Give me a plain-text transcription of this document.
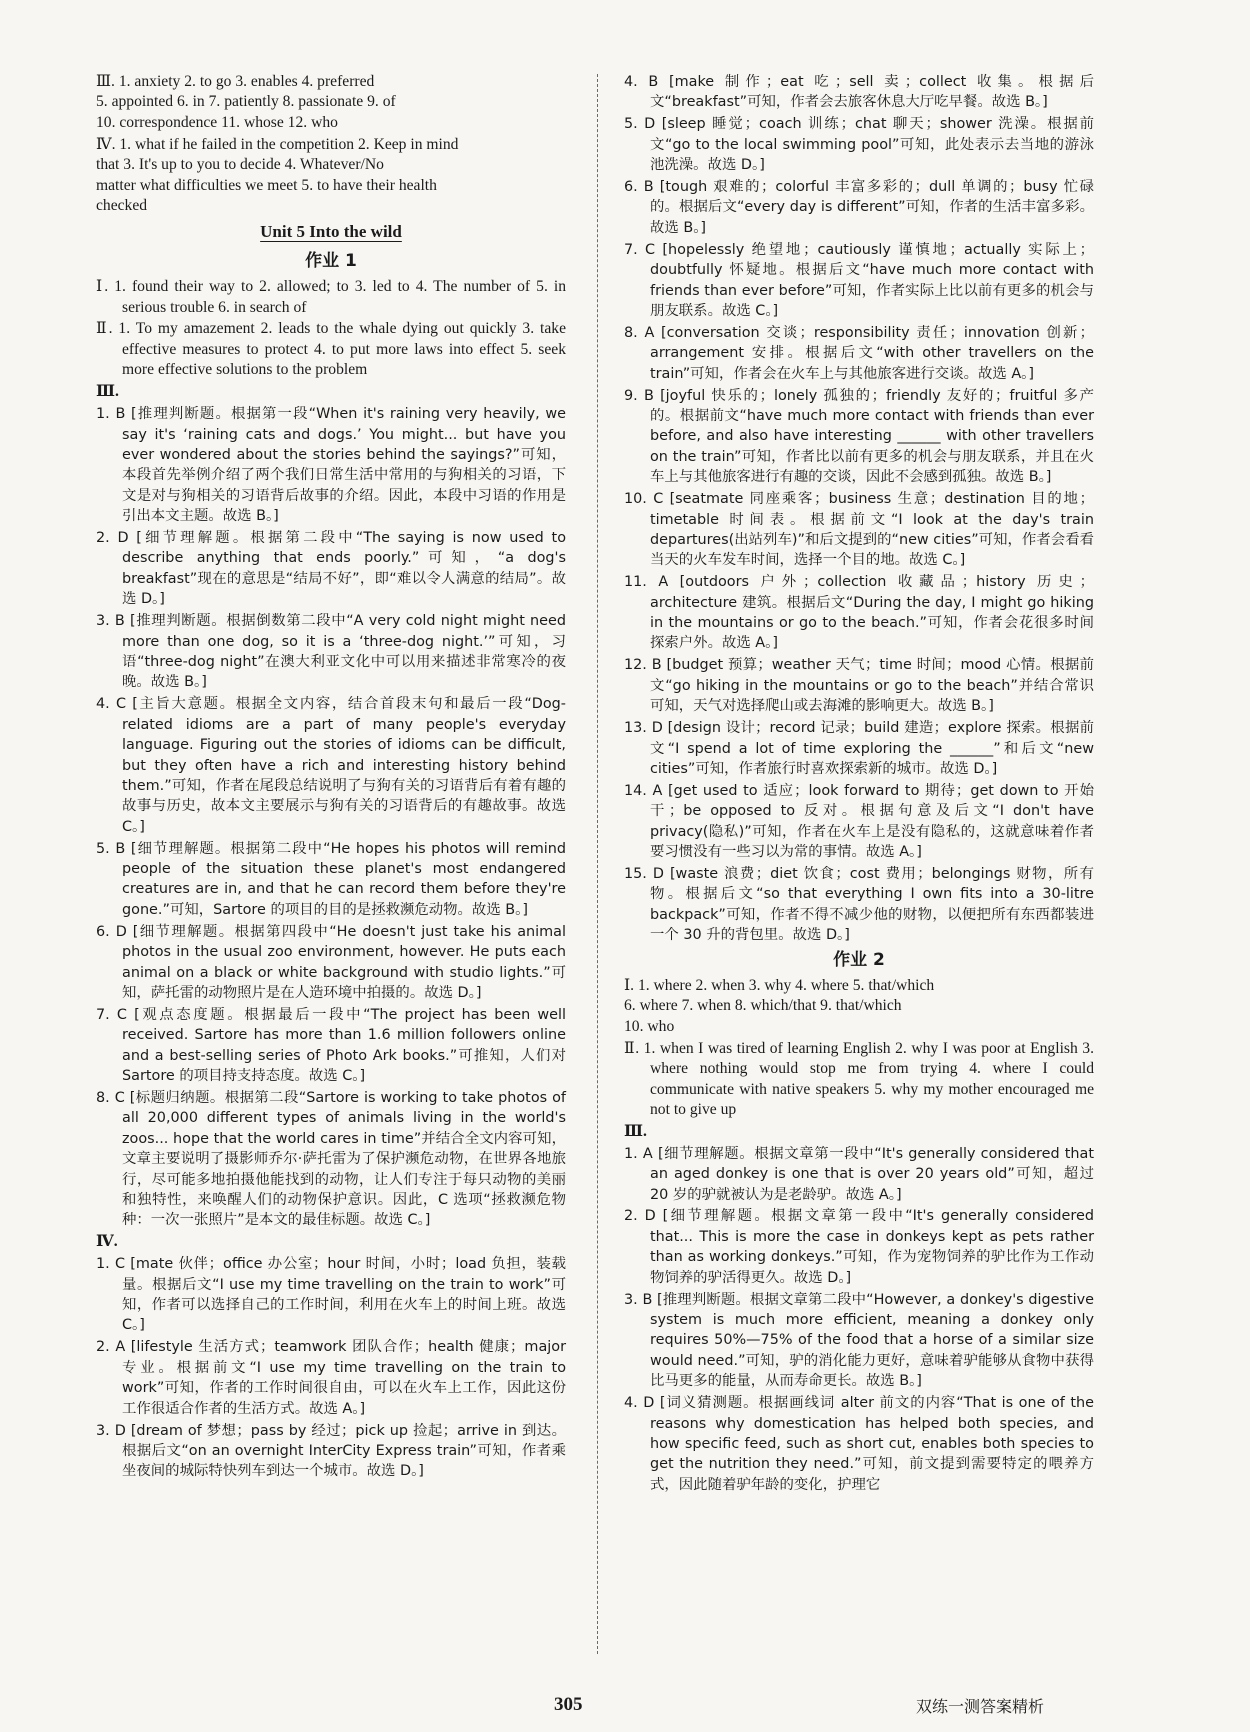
Ⅲ. 1. anxiety 2. to go 3. enables 4. preferred
5. appointed 6. in 7. patiently 8. passionate 9. of
10. correspondence 11. whose 12. who
Ⅳ. 1. what if he failed in the competition 2. Keep in mind
that 3. It's up to you to decide 4. Whatever/No
matter what difficulties we meet 5. to have their health
checked
Unit 5 Into the wild
作业 1
Ⅰ. 1. found their way to 2. allowed; to 3. led to 4. The number of 5. in serious trouble 6. in search of
Ⅱ. 1. To my amazement 2. leads to the whale dying out quickly 3. take effective measures to protect 4. to put more laws into effect 5. seek more effective solutions to the problem
Ⅲ.
1. B [推理判断题。根据第一段“When it's raining very heavily, we say it's ‘raining cats and dogs.’ You might... but have you ever wondered about the stories behind the sayings?”可知，本段首先举例介绍了两个我们日常生活中常用的与狗相关的习语，下文是对与狗相关的习语背后故事的介绍。因此，本段中习语的作用是引出本文主题。故选 B。]
2. D [细节理解题。根据第二段中“The saying is now used to describe anything that ends poorly.”可知，“a dog's breakfast”现在的意思是“结局不好”，即“难以令人满意的结局”。故选 D。]
3. B [推理判断题。根据倒数第二段中“A very cold night might need more than one dog, so it is a ‘three-dog night.’”可知，习语“three-dog night”在澳大利亚文化中可以用来描述非常寒冷的夜晚。故选 B。]
4. C [主旨大意题。根据全文内容，结合首段末句和最后一段“Dog-related idioms are a part of many people's everyday language. Figuring out the stories of idioms can be difficult, but they often have a rich and interesting history behind them.”可知，作者在尾段总结说明了与狗有关的习语背后有着有趣的故事与历史，故本文主要展示与狗有关的习语背后的有趣故事。故选 C。]
5. B [细节理解题。根据第二段中“He hopes his photos will remind people of the situation these planet's most endangered creatures are in, and that he can record them before they're gone.”可知，Sartore 的项目的目的是拯救濒危动物。故选 B。]
6. D [细节理解题。根据第四段中“He doesn't just take his animal photos in the usual zoo environment, however. He puts each animal on a black or white background with studio lights.”可知，萨托雷的动物照片是在人造环境中拍摄的。故选 D。]
7. C [观点态度题。根据最后一段中“The project has been well received. Sartore has more than 1.6 million followers online and a best-selling series of Photo Ark books.”可推知，人们对 Sartore 的项目持支持态度。故选 C。]
8. C [标题归纳题。根据第二段“Sartore is working to take photos of all 20,000 different types of animals living in the world's zoos... hope that the world cares in time”并结合全文内容可知，文章主要说明了摄影师乔尔·萨托雷为了保护濒危动物，在世界各地旅行，尽可能多地拍摄他能找到的动物，让人们专注于每只动物的美丽和独特性，来唤醒人们的动物保护意识。因此，C 选项“拯救濒危物种：一次一张照片”是本文的最佳标题。故选 C。]
Ⅳ.
1. C [mate 伙伴；office 办公室；hour 时间，小时；load 负担，装载量。根据后文“I use my time travelling on the train to work”可知，作者可以选择自己的工作时间，利用在火车上的时间上班。故选 C。]
2. A [lifestyle 生活方式；teamwork 团队合作；health 健康；major 专业。根据前文“I use my time travelling on the train to work”可知，作者的工作时间很自由，可以在火车上工作，因此这份工作很适合作者的生活方式。故选 A。]
3. D [dream of 梦想；pass by 经过；pick up 捡起；arrive in 到达。根据后文“on an overnight InterCity Express train”可知，作者乘坐夜间的城际特快列车到达一个城市。故选 D。]
4. B [make 制作；eat 吃；sell 卖；collect 收集。根据后文“breakfast”可知，作者会去旅客休息大厅吃早餐。故选 B。]
5. D [sleep 睡觉；coach 训练；chat 聊天；shower 洗澡。根据前文“go to the local swimming pool”可知，此处表示去当地的游泳池洗澡。故选 D。]
6. B [tough 艰难的；colorful 丰富多彩的；dull 单调的；busy 忙碌的。根据后文“every day is different”可知，作者的生活丰富多彩。故选 B。]
7. C [hopelessly 绝望地；cautiously 谨慎地；actually 实际上；doubtfully 怀疑地。根据后文“have much more contact with friends than ever before”可知，作者实际上比以前有更多的机会与朋友联系。故选 C。]
8. A [conversation 交谈；responsibility 责任；innovation 创新；arrangement 安排。根据后文“with other travellers on the train”可知，作者会在火车上与其他旅客进行交谈。故选 A。]
9. B [joyful 快乐的；lonely 孤独的；friendly 友好的；fruitful 多产的。根据前文“have much more contact with friends than ever before, and also have interesting ______ with other travellers on the train”可知，作者比以前有更多的机会与朋友联系，并且在火车上与其他旅客进行有趣的交谈，因此不会感到孤独。故选 B。]
10. C [seatmate 同座乘客；business 生意；destination 目的地；timetable 时间表。根据前文“I look at the day's train departures(出站列车)”和后文提到的“new cities”可知，作者会看看当天的火车发车时间，选择一个目的地。故选 C。]
11. A [outdoors 户外；collection 收藏品；history 历史；architecture 建筑。根据后文“During the day, I might go hiking in the mountains or go to the beach.”可知，作者会花很多时间探索户外。故选 A。]
12. B [budget 预算；weather 天气；time 时间；mood 心情。根据前文“go hiking in the mountains or go to the beach”并结合常识可知，天气对选择爬山或去海滩的影响更大。故选 B。]
13. D [design 设计；record 记录；build 建造；explore 探索。根据前文“I spend a lot of time exploring the ______”和后文“new cities”可知，作者旅行时喜欢探索新的城市。故选 D。]
14. A [get used to 适应；look forward to 期待；get down to 开始干；be opposed to 反对。根据句意及后文“I don't have privacy(隐私)”可知，作者在火车上是没有隐私的，这就意味着作者要习惯没有一些习以为常的事情。故选 A。]
15. D [waste 浪费；diet 饮食；cost 费用；belongings 财物，所有物。根据后文“so that everything I own fits into a 30-litre backpack”可知，作者不得不减少他的财物，以便把所有东西都装进一个 30 升的背包里。故选 D。]
作业 2
Ⅰ. 1. where 2. when 3. why 4. where 5. that/which
6. where 7. when 8. which/that 9. that/which
10. who
Ⅱ. 1. when I was tired of learning English 2. why I was poor at English 3. where nothing would stop me from trying 4. where I could communicate with native speakers 5. why my mother encouraged me not to give up
Ⅲ.
1. A [细节理解题。根据文章第一段中“It's generally considered that an aged donkey is one that is over 20 years old”可知，超过 20 岁的驴就被认为是老龄驴。故选 A。]
2. D [细节理解题。根据文章第一段中“It's generally considered that... This is more the case in donkeys kept as pets rather than as working donkeys.”可知，作为宠物饲养的驴比作为工作动物饲养的驴活得更久。故选 D。]
3. B [推理判断题。根据文章第二段中“However, a donkey's digestive system is much more efficient, meaning a donkey only requires 50%—75% of the food that a horse of a similar size would need.”可知，驴的消化能力更好，意味着驴能够从食物中获得比马更多的能量，从而寿命更长。故选 B。]
4. D [词义猜测题。根据画线词 alter 前文的内容“That is one of the reasons why domestication has helped both species, and how specific feed, such as short cut, enables both species to get the nutrition they need.”可知，前文提到需要特定的喂养方式，因此随着驴年龄的变化，护理它
305	双练一测答案精析
